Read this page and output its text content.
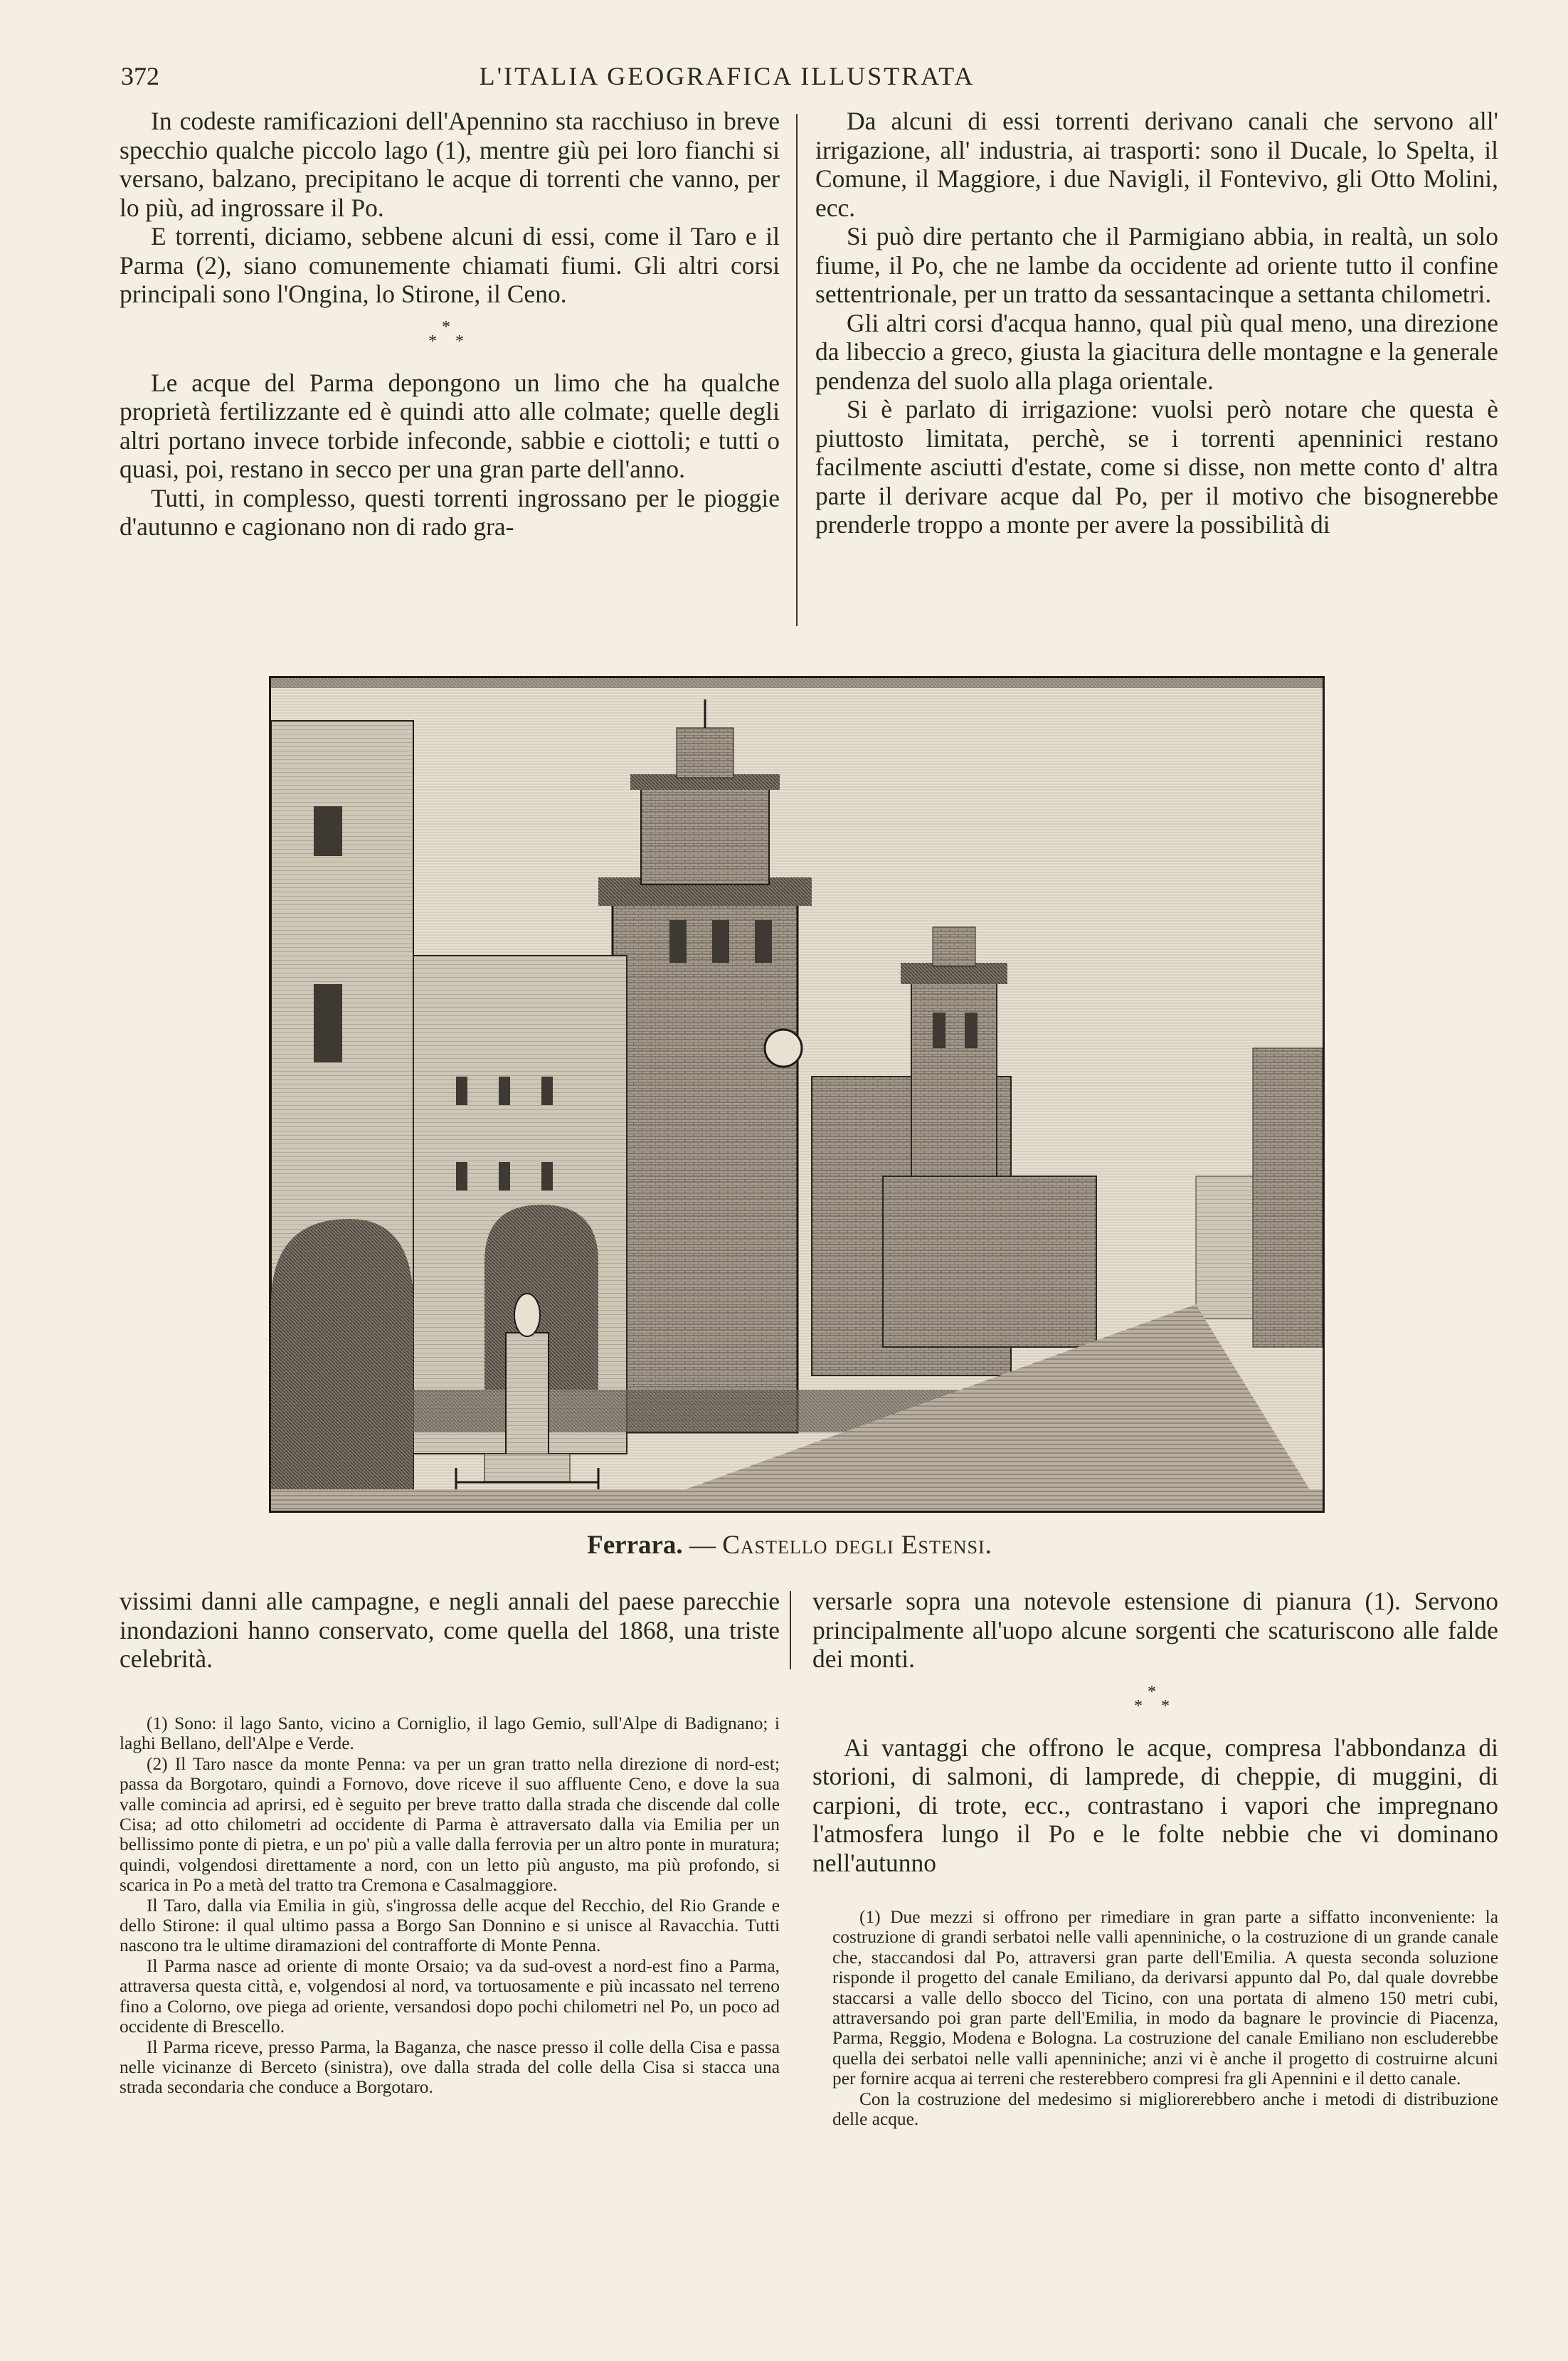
372	L'ITALIA GEOGRAFICA ILLUSTRATA

In codeste ramificazioni dell'Apennino sta racchiuso in breve specchio qualche piccolo lago (1), mentre giù pei loro fianchi si versano, balzano, precipitano le acque di torrenti che vanno, per lo più, ad ingrossare il Po.

E torrenti, diciamo, sebbene alcuni di essi, come il Taro e il Parma (2), siano comunemente chiamati fiumi. Gli altri corsi principali sono l'Ongina, lo Stirone, il Ceno.

*
* *

Le acque del Parma depongono un limo che ha qualche proprietà fertilizzante ed è quindi atto alle colmate; quelle degli altri portano invece torbide infeconde, sabbie e ciottoli; e tutti o quasi, poi, restano in secco per una gran parte dell'anno.

Tutti, in complesso, questi torrenti ingrossano per le pioggie d'autunno e cagionano non di rado gra-

Da alcuni di essi torrenti derivano canali che servono all' irrigazione, all' industria, ai trasporti: sono il Ducale, lo Spelta, il Comune, il Maggiore, i due Navigli, il Fontevivo, gli Otto Molini, ecc.

Si può dire pertanto che il Parmigiano abbia, in realtà, un solo fiume, il Po, che ne lambe da occidente ad oriente tutto il confine settentrionale, per un tratto da sessantacinque a settanta chilometri.

Gli altri corsi d'acqua hanno, qual più qual meno, una direzione da libeccio a greco, giusta la giacitura delle montagne e la generale pendenza del suolo alla plaga orientale.

Si è parlato di irrigazione: vuolsi però notare che questa è piuttosto limitata, perchè, se i torrenti apenninici restano facilmente asciutti d'estate, come si disse, non mette conto d' altra parte il derivare acque dal Po, per il motivo che bisognerebbe prenderle troppo a monte per avere la possibilità di

Ferrara. — Castello degli Estensi.

vissimi danni alle campagne, e negli annali del paese parecchie inondazioni hanno conservato, come quella del 1868, una triste celebrità.

(1) Sono: il lago Santo, vicino a Corniglio, il lago Gemio, sull'Alpe di Badignano; i laghi Bellano, dell'Alpe e Verde.

(2) Il Taro nasce da monte Penna: va per un gran tratto nella direzione di nord-est; passa da Borgotaro, quindi a Fornovo, dove riceve il suo affluente Ceno, e dove la sua valle comincia ad aprirsi, ed è seguito per breve tratto dalla strada che discende dal colle Cisa; ad otto chilometri ad occidente di Parma è attraversato dalla via Emilia per un bellissimo ponte di pietra, e un po' più a valle dalla ferrovia per un altro ponte in muratura; quindi, volgendosi direttamente a nord, con un letto più angusto, ma più profondo, si scarica in Po a metà del tratto tra Cremona e Casalmaggiore.

Il Taro, dalla via Emilia in giù, s'ingrossa delle acque del Recchio, del Rio Grande e dello Stirone: il qual ultimo passa a Borgo San Donnino e si unisce al Ravacchia. Tutti nascono tra le ultime diramazioni del contrafforte di Monte Penna.

Il Parma nasce ad oriente di monte Orsaio; va da sud-ovest a nord-est fino a Parma, attraversa questa città, e, volgendosi al nord, va tortuosamente e più incassato nel terreno fino a Colorno, ove piega ad oriente, versandosi dopo pochi chilometri nel Po, un poco ad occidente di Brescello.

Il Parma riceve, presso Parma, la Baganza, che nasce presso il colle della Cisa e passa nelle vicinanze di Berceto (sinistra), ove dalla strada del colle della Cisa si stacca una strada secondaria che conduce a Borgotaro.

versarle sopra una notevole estensione di pianura (1). Servono principalmente all'uopo alcune sorgenti che scaturiscono alle falde dei monti.

*
* *

Ai vantaggi che offrono le acque, compresa l'abbondanza di storioni, di salmoni, di lamprede, di cheppie, di muggini, di carpioni, di trote, ecc., contrastano i vapori che impregnano l'atmosfera lungo il Po e le folte nebbie che vi dominano nell'autunno

(1) Due mezzi si offrono per rimediare in gran parte a siffatto inconveniente: la costruzione di grandi serbatoi nelle valli apenniniche, o la costruzione di un grande canale che, staccandosi dal Po, attraversi gran parte dell'Emilia. A questa seconda soluzione risponde il progetto del canale Emiliano, da derivarsi appunto dal Po, dal quale dovrebbe staccarsi a valle dello sbocco del Ticino, con una portata di almeno 150 metri cubi, attraversando poi gran parte dell'Emilia, in modo da bagnare le provincie di Piacenza, Parma, Reggio, Modena e Bologna. La costruzione del canale Emiliano non escluderebbe quella dei serbatoi nelle valli apenniniche; anzi vi è anche il progetto di costruirne alcuni per fornire acqua ai terreni che resterebbero compresi fra gli Apennini e il detto canale.

Con la costruzione del medesimo si migliorerebbero anche i metodi di distribuzione delle acque.
